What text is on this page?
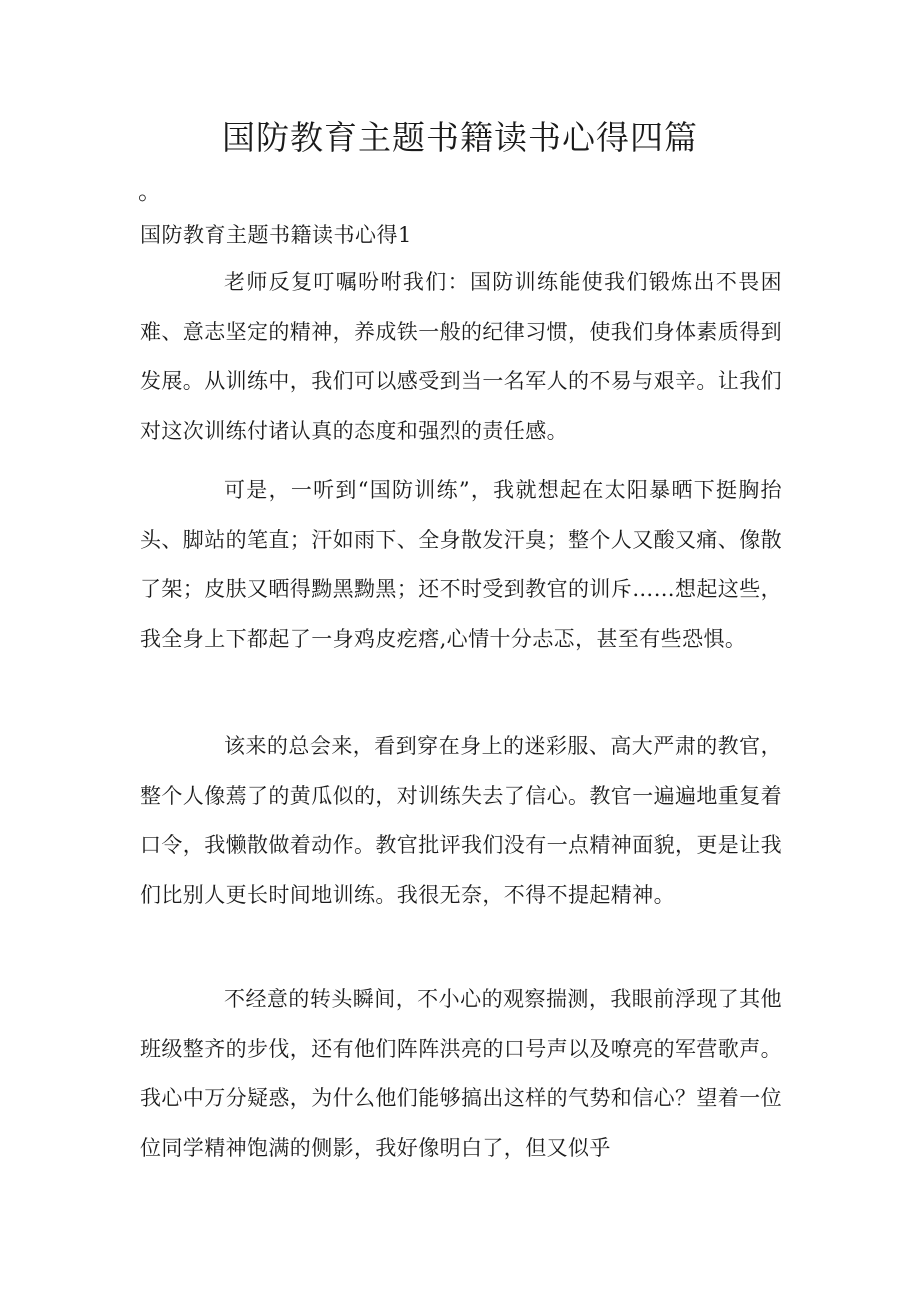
国防教育主题书籍读书心得四篇

。

国防教育主题书籍读书心得1

老师反复叮嘱吩咐我们：国防训练能使我们锻炼出不畏困难、意志坚定的精神，养成铁一般的纪律习惯，使我们身体素质得到发展。从训练中，我们可以感受到当一名军人的不易与艰辛。让我们对这次训练付诸认真的态度和强烈的责任感。

可是，一听到“国防训练”，我就想起在太阳暴晒下挺胸抬头、脚站的笔直；汗如雨下、全身散发汗臭；整个人又酸又痛、像散了架；皮肤又晒得黝黑黝黑；还不时受到教官的训斥……想起这些，我全身上下都起了一身鸡皮疙瘩,心情十分忐忑，甚至有些恐惧。

该来的总会来，看到穿在身上的迷彩服、高大严肃的教官，整个人像蔫了的黄瓜似的，对训练失去了信心。教官一遍遍地重复着口令，我懒散做着动作。教官批评我们没有一点精神面貌，更是让我们比别人更长时间地训练。我很无奈，不得不提起精神。

不经意的转头瞬间，不小心的观察揣测，我眼前浮现了其他班级整齐的步伐，还有他们阵阵洪亮的口号声以及嘹亮的军营歌声。我心中万分疑惑，为什么他们能够搞出这样的气势和信心？望着一位位同学精神饱满的侧影，我好像明白了，但又似乎
